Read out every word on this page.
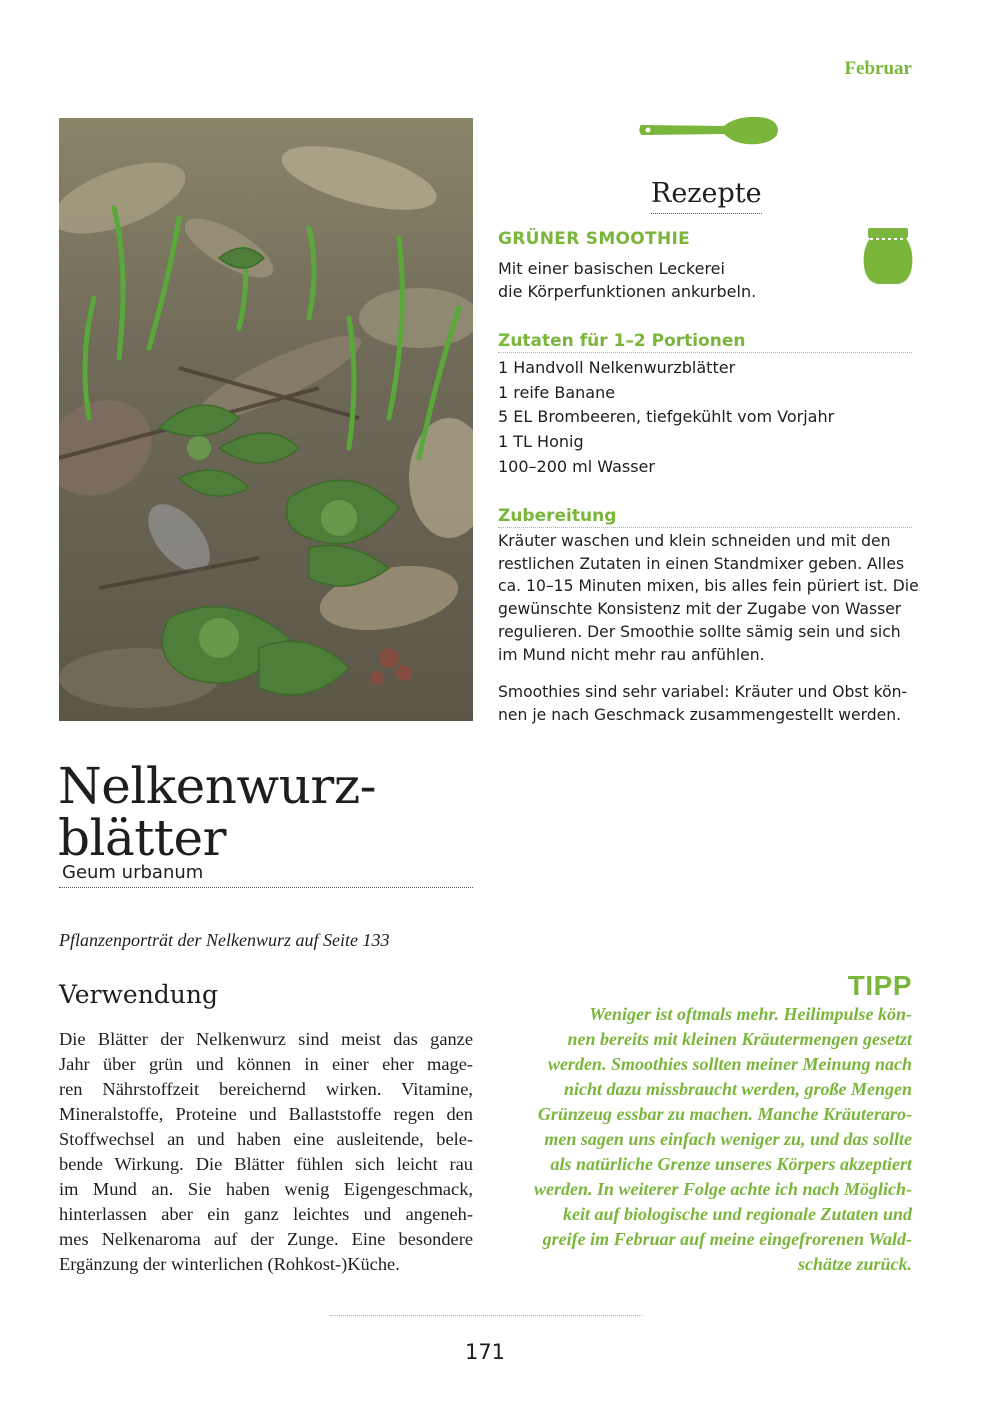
Februar
Rezepte
GRÜNER SMOOTHIE
Mit einer basischen Leckerei
die Körperfunktionen ankurbeln.
Zutaten für 1–2 Portionen
1 Handvoll Nelkenwurzblätter
1 reife Banane
5 EL Brombeeren, tiefgekühlt vom Vorjahr
1 TL Honig
100–200 ml Wasser
Zubereitung
Kräuter waschen und klein schneiden und mit den
restlichen Zutaten in einen Standmixer geben. Alles
ca. 10–15 Minuten mixen, bis alles fein püriert ist. Die
gewünschte Konsistenz mit der Zugabe von Wasser
regulieren. Der Smoothie sollte sämig sein und sich
im Mund nicht mehr rau anfühlen.
Smoothies sind sehr variabel: Kräuter und Obst kön-
nen je nach Geschmack zusammengestellt werden.
Nelkenwurz-
blätter
Geum urbanum
Pflanzenporträt der Nelkenwurz auf Seite 133
Verwendung
Die Blätter der Nelkenwurz sind meist das ganze
Jahr über grün und können in einer eher mage-
ren Nährstoffzeit bereichernd wirken. Vitamine,
Mineralstoffe, Proteine und Ballaststoffe regen den
Stoffwechsel an und haben eine ausleitende, bele-
bende Wirkung. Die Blätter fühlen sich leicht rau
im Mund an. Sie haben wenig Eigengeschmack,
hinterlassen aber ein ganz leichtes und angeneh-
mes Nelkenaroma auf der Zunge. Eine besondere
Ergänzung der winterlichen (Rohkost-)Küche.
TIPP
Weniger ist oftmals mehr. Heilimpulse kön-
nen bereits mit kleinen Kräutermengen gesetzt
werden. Smoothies sollten meiner Meinung nach
nicht dazu missbraucht werden, große Mengen
Grünzeug essbar zu machen. Manche Kräuterarо-
men sagen uns einfach weniger zu, und das sollte
als natürliche Grenze unseres Körpers akzeptiert
werden. In weiterer Folge achte ich nach Möglich-
keit auf biologische und regionale Zutaten und
greife im Februar auf meine eingefrorenen Wald-
schätze zurück.
171
